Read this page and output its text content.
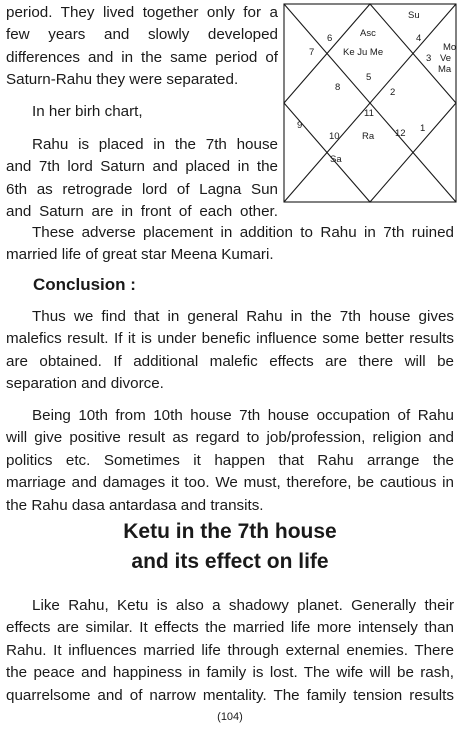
period. They lived together only for a
few years and slowly developed
differences and in the same period of
Saturn-Rahu they were separated.
In her birh chart,
Rahu is placed in the 7th house
and 7th lord Saturn and placed in the
6th as retrograde lord of Lagna Sun
and Saturn are in front of each other.
Su
Asc
6	4
Ke Ju Me
7
3
Mo
Ve
Ma
5
8	2
11
9	1
10 Ra 12
Sa
These adverse placement in addition to Rahu in 7th ruined
married life of great star Meena Kumari.
Conclusion :
Thus we find that in general Rahu in the 7th house gives
malefics result. If it is under benefic influence some better results
are obtained. If additional malefic effects are there will be
separation and divorce.
Being 10th from 10th house 7th house occupation of Rahu
will give positive result as regard to job/profession, religion and
politics etc. Sometimes it happen that Rahu arrange the
marriage and damages it too. We must, therefore, be cautious in
the Rahu dasa antardasa and transits.
Ketu in the 7th house
and its effect on life
Like Rahu, Ketu is also a shadowy planet. Generally their
effects are similar. It effects the married life more intensely than
Rahu. It influences married life through external enemies. There
the peace and happiness in family is lost. The wife will be rash,
quarrelsome and of narrow mentality. The family tension results
(104)
